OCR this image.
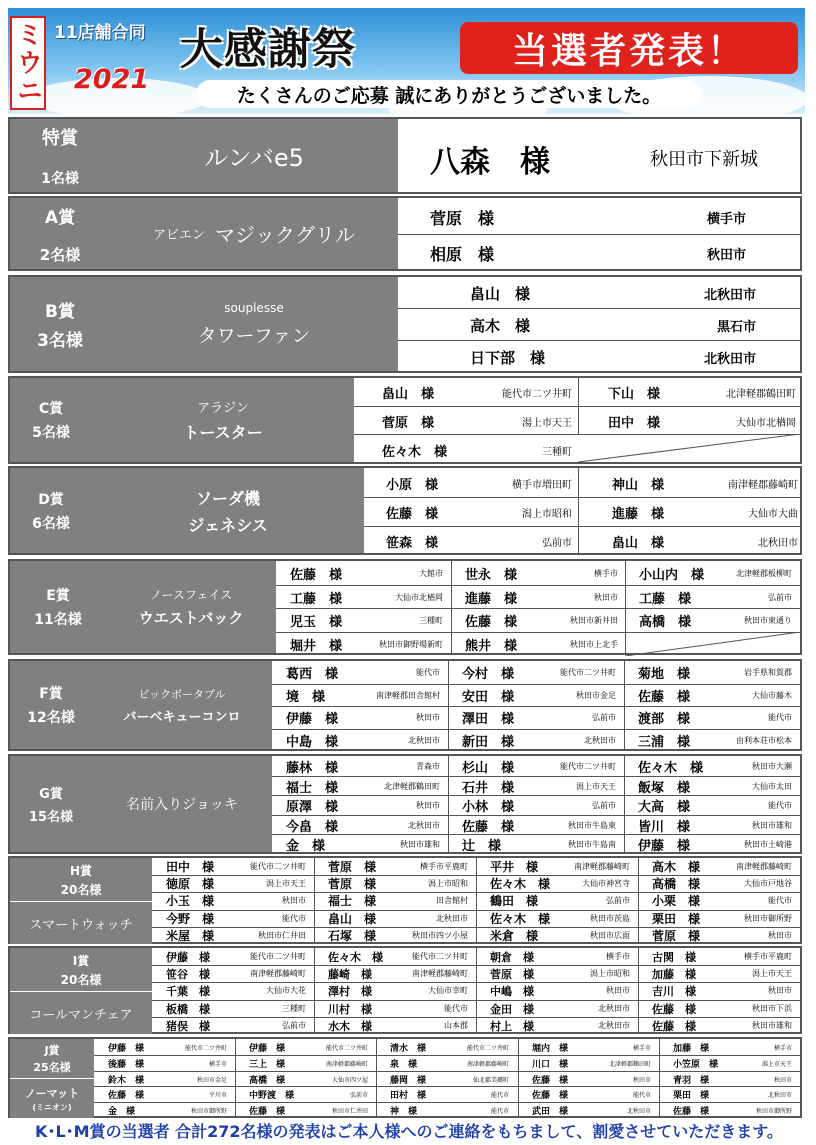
ミウニ 11店舗合同
2021
大感謝祭	当選者発表！
たくさんのご応募 誠にありがとうございました。
特賞
1名様
ルンバe5	八森　様	秋田市下新城
A賞
2名様
アビエン マジックグリル
菅原　様	横手市
相原　様	秋田市
B賞
3名様
souplesse
タワーファン
畠山　様	北秋田市
高木　様	黒石市
日下部　様	北秋田市
C賞
5名様
アラジン
トースター
畠山　様	能代市二ツ井町	下山　様	北津軽郡鶴田町
菅原　様	湯上市天王	田中　様	大仙市北楢岡
佐々木　様	三種町
D賞
6名様
ソーダ機
ジェネシス
小原　様	横手市増田町	神山　様	南津軽郡藤崎町
佐藤　様	潟上市昭和	進藤　様	大仙市大曲
笹森　様	弘前市	畠山　様	北秋田市
E賞
11名様
ノースフェイス
ウエストバック
佐藤　様	大館市	世永　様	横手市	小山内　様	北津軽郡板柳町
工藤　様	大仙市北楢岡	進藤　様	秋田市	工藤　様	弘前市
児玉　様	三種町	佐藤　様	秋田市新井田	高橋　様	秋田市東通り
堀井　様	秋田市御野場新町	熊井　様	秋田市上北手
F賞
12名様
ビックボータブル
バーベキューコンロ
葛西　様	能代市	今村　様	能代市二ツ井町	菊地　様	岩手県和賀郡
境　様	南津軽郡田舎館村	安田　様	秋田市金足	佐藤　様	大仙市藤木
伊藤　様	秋田市	澤田　様	弘前市	渡部　様	能代市
中島　様	北秋田市	新田　様	北秋田市	三浦　様	由利本荘市松本
G賞
15名様
名前入りジョッキ
藤林　様	青森市	杉山　様	能代市二ツ井町	佐々木　様	秋田市大瀬
福士　様	北津軽郡鶴田町	石井　様	潟上市天王	飯塚　様	大仙市太田
原澤　様	秋田市	小林　様	弘前市	大高　様	能代市
今畠　様	北秋田市	佐藤　様	秋田市牛島東	皆川　様	秋田市雄和
金　様	秋田市雄和	辻　様	秋田市牛島南	伊藤　様	秋田市土崎港
H賞
20名様
スマートウォッチ
田中　様	能代市二ツ井町	菅原　様	横手市平鹿町	平井　様	南津軽郡藤崎町	高木　様	南津軽郡藤崎町
徳原　様	潟上市天王	菅原　様	潟上市昭和	佐々木　様	大仙市神宮寺	高橋　様	大仙市戸地谷
小玉　様	秋田市	福士　様	田舎館村	鶴田　様	弘前市	小栗　様	能代市
今野　様	能代市	畠山　様	北秋田市	佐々木　様	秋田市茨島	栗田　様	秋田市御所野
米屋　様	秋田市仁井田	石塚　様	秋田市四ツ小屋	米倉　様	秋田市広面	菅原　様	秋田市
I賞
20名様
コールマンチェア
伊藤　様	能代市二ツ井町	佐々木　様	能代市二ツ井町	朝倉　様	横手市	古関　様	横手市平鹿町
笹谷　様	南津軽郡藤崎町	藤崎　様	南津軽郡藤崎町	菅原　様	潟上市昭和	加藤　様	潟上市天王
千葉　様	大仙市大花	澤村　様	大仙市幸町	中嶋　様	秋田市	吉川　様	秋田市
板橋　様	三種町	川村　様	能代市	金田　様	北秋田市	佐藤　様	秋田市下浜
猪俣　様	弘前市	水木　様	山本郡	村上　様	北秋田市	佐藤　様	秋田市雄和
J賞
25名様
ノーマット
(ミニオン)
伊藤　様	能代市二ツ井町	伊藤　様	能代市二ツ井町	清水　様	能代市二ツ井町	堀内　様	横手市	加藤　様	横手市
後藤　様	横手市	三上　様	南津軽郡藤崎町	泉　様	南津軽郡藤崎町	川口　様	北津軽郡鶴田町	小笠原　様	潟上市天王
鈴木　様	秋田市金足	高橋　様	大仙市四ツ屋	藤岡　様	仙北郡美郷町	佐藤　様	秋田市	青羽　様	秋田市
佐藤　様	平川市	中野渡　様	弘前市	田村　様	能代市	佐藤　様	能代市	栗田　様	北秋田市
金　様	秋田市御所野	佐藤　様	秋田市仁井田	神　様	能代市	武田　様	北秋田市	佐藤　様	秋田市御所野
K･L･M賞の当選者 合計272名様の発表はご本人様へのご連絡をもちまして、割愛させていただきます。
